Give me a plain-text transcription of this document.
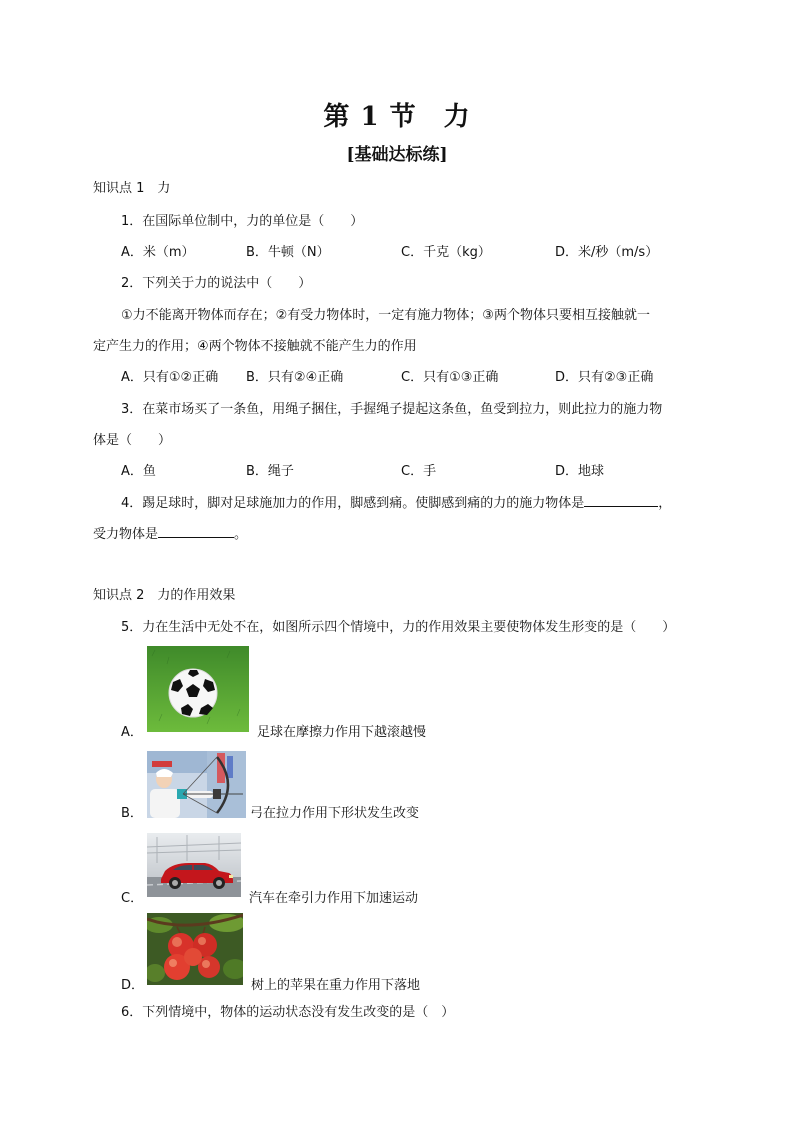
第 1 节　力
[基础达标练]
知识点 1　力
1．在国际单位制中，力的单位是（　　）
A．米（m）	B．牛顿（N）	C．千克（kg）	D．米/秒（m/s）
2．下列关于力的说法中（　　）
①力不能离开物体而存在；②有受力物体时，一定有施力物体；③两个物体只要相互接触就一
定产生力的作用；④两个物体不接触就不能产生力的作用
A．只有①②正确 B．只有②④正确	C．只有①③正确	D．只有②③正确
3．在菜市场买了一条鱼，用绳子捆住，手握绳子提起这条鱼，鱼受到拉力，则此拉力的施力物
体是（　　）
A．鱼	B．绳子	C．手	D．地球
4．踢足球时，脚对足球施加力的作用，脚感到痛。使脚感到痛的力的施力物体是	，
受力物体是	。
知识点 2　力的作用效果
5．力在生活中无处不在，如图所示四个情境中，力的作用效果主要使物体发生形变的是（　　）
A．	足球在摩擦力作用下越滚越慢
B．	弓在拉力作用下形状发生改变
C．	汽车在牵引力作用下加速运动
D．	树上的苹果在重力作用下落地
6．下列情境中，物体的运动状态没有发生改变的是（　）
